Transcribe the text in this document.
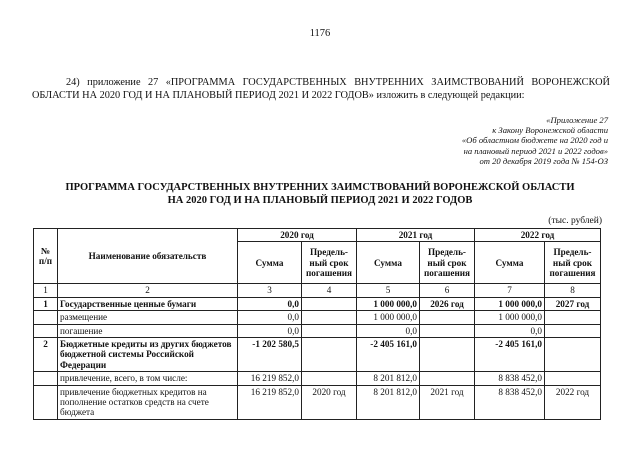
1176
24) приложение 27 «ПРОГРАММА ГОСУДАРСТВЕННЫХ ВНУТРЕННИХ ЗАИМСТВОВАНИЙ ВОРОНЕЖСКОЙ ОБЛАСТИ НА 2020 ГОД И НА ПЛАНОВЫЙ ПЕРИОД 2021 И 2022 ГОДОВ» изложить в следующей редакции:
«Приложение 27
к Закону Воронежской области
«Об областном бюджете на 2020 год и
на плановый период 2021 и 2022 годов»
от 20 декабря 2019 года № 154-ОЗ
ПРОГРАММА ГОСУДАРСТВЕННЫХ ВНУТРЕННИХ ЗАИМСТВОВАНИЙ ВОРОНЕЖСКОЙ ОБЛАСТИ
НА 2020 ГОД И НА ПЛАНОВЫЙ ПЕРИОД 2021 И 2022 ГОДОВ
(тыс. рублей)
№ п/п	Наименование обязательств	2020 год		2021 год		2022 год	
		Сумма	Предель-ный срок погашения	Сумма	Предель-ный срок погашения	Сумма	Предель-ный срок погашения
1	2	3	4	5	6	7	8
1	Государственные ценные бумаги	0,0		1 000 000,0	2026 год	1 000 000,0	2027 год
	размещение	0,0		1 000 000,0		1 000 000,0	
	погашение	0,0		0,0		0,0	
2	Бюджетные кредиты из других бюджетов бюджетной системы Российской Федерации	-1 202 580,5		-2 405 161,0		-2 405 161,0	
	привлечение, всего, в том числе:	16 219 852,0		8 201 812,0		8 838 452,0	
	привлечение бюджетных кредитов на пополнение остатков средств на счете бюджета	16 219 852,0	2020 год	8 201 812,0	2021 год	8 838 452,0	2022 год
